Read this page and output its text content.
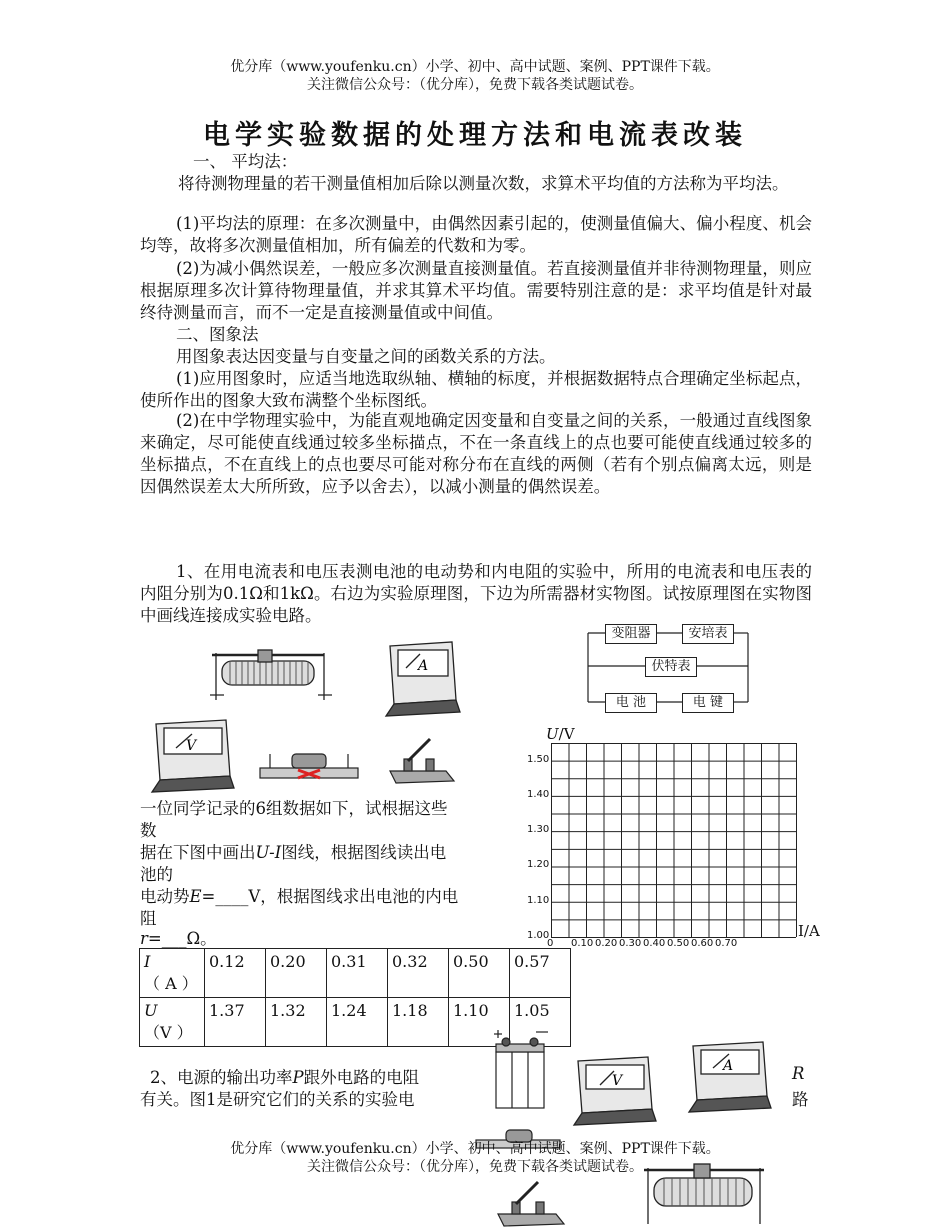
优分库（www.youfenku.cn）小学、初中、高中试题、案例、PPT课件下载。
关注微信公众号：（优分库），免费下载各类试题试卷。
电学实验数据的处理方法和电流表改装
一、 平均法：
将待测物理量的若干测量值相加后除以测量次数，求算术平均值的方法称为平均法。
(1)平均法的原理：在多次测量中，由偶然因素引起的，使测量值偏大、偏小程度、机会均等，故将多次测量值相加，所有偏差的代数和为零。
(2)为减小偶然误差，一般应多次测量直接测量值。若直接测量值并非待测物理量，则应根据原理多次计算待物理量值，并求其算术平均值。需要特别注意的是：求平均值是针对最终待测量而言，而不一定是直接测量值或中间值。
二、图象法
用图象表达因变量与自变量之间的函数关系的方法。
(1)应用图象时，应适当地选取纵轴、横轴的标度，并根据数据特点合理确定坐标起点，使所作出的图象大致布满整个坐标图纸。
(2)在中学物理实验中，为能直观地确定因变量和自变量之间的关系，一般通过直线图象来确定，尽可能使直线通过较多坐标描点，不在一条直线上的点也要可能使直线通过较多的坐标描点，不在直线上的点也要尽可能对称分布在直线的两侧（若有个别点偏离太远，则是因偶然误差太大所所致，应予以舍去），以减小测量的偶然误差。
1、在用电流表和电压表测电池的电动势和内电阻的实验中，所用的电流表和电压表的内阻分别为0.1Ω和1kΩ。右边为实验原理图，下边为所需器材实物图。试按原理图在实物图中画线连接成实验电路。
变阻器	安培表
伏特表
电 池	电 键
A
V
一位同学记录的6组数据如下，试根据这些
数
据在下图中画出U-I图线，根据图线读出电
池的
电动势E=____V，根据图线求出电池的内电
阻
r=___Ω。
I（ A ）	0.12	0.20	0.31	0.32	0.50	0.57
U（V ）	1.37	1.32	1.24	1.18	1.10	1.05
U/V
I/A
1.50
1.40
1.30
1.20
1.10
1.00
0 0.10 0.20 0.30 0.40 0.50 0.60 0.70
2、电源的输出功率P跟外电路的电阻
有关。图1是研究它们的关系的实验电
R
路
V
A
优分库（www.youfenku.cn）小学、初中、高中试题、案例、PPT课件下载。
关注微信公众号：（优分库），免费下载各类试题试卷。
